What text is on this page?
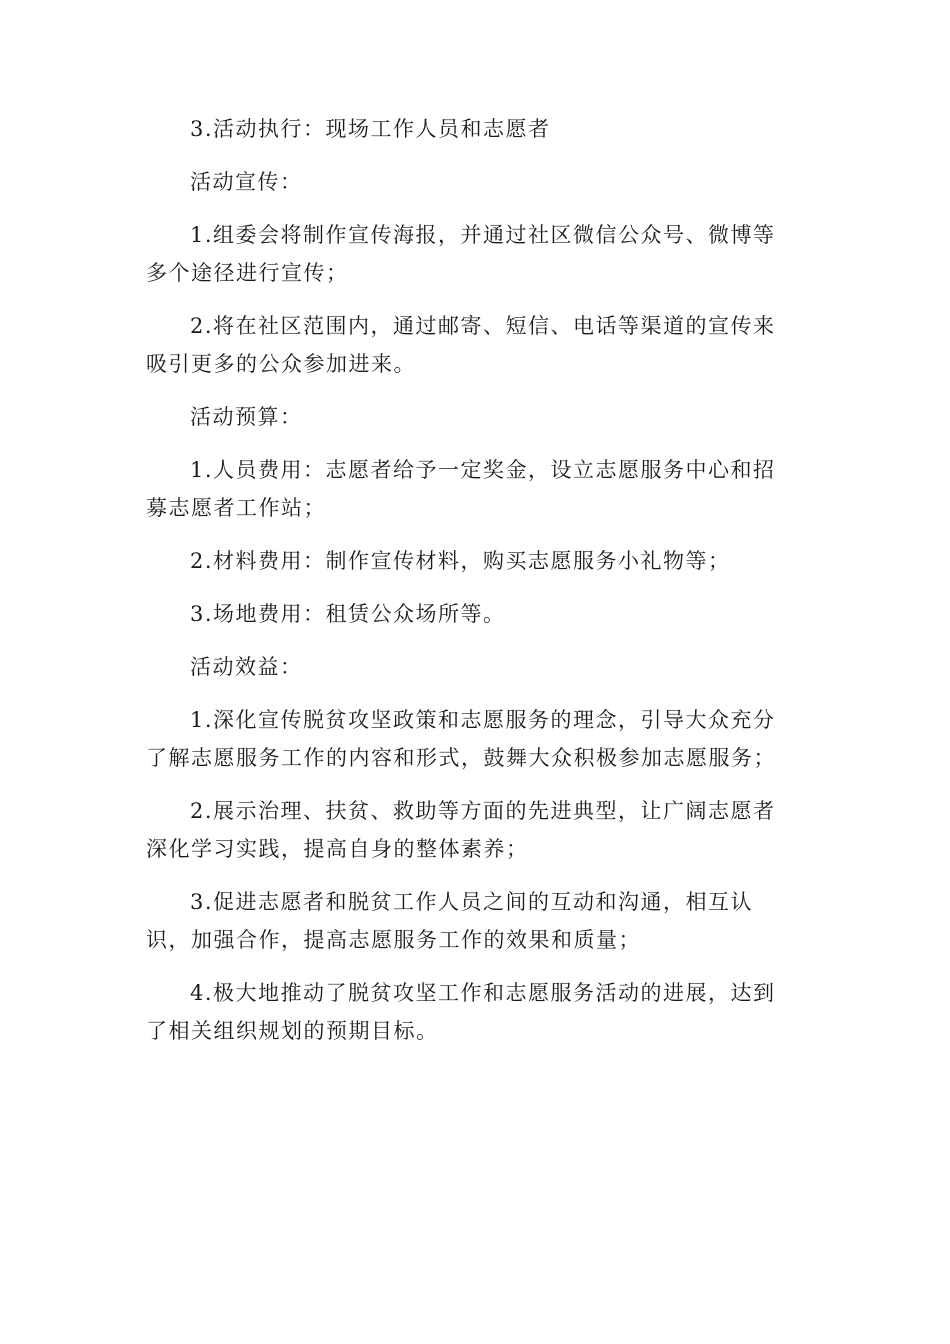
3.活动执行：现场工作人员和志愿者

活动宣传：

1.组委会将制作宣传海报，并通过社区微信公众号、微博等多个途径进行宣传；

2.将在社区范围内，通过邮寄、短信、电话等渠道的宣传来吸引更多的公众参加进来。

活动预算：

1.人员费用：志愿者给予一定奖金，设立志愿服务中心和招募志愿者工作站；

2.材料费用：制作宣传材料，购买志愿服务小礼物等；

3.场地费用：租赁公众场所等。

活动效益：

1.深化宣传脱贫攻坚政策和志愿服务的理念，引导大众充分了解志愿服务工作的内容和形式，鼓舞大众积极参加志愿服务；

2.展示治理、扶贫、救助等方面的先进典型，让广阔志愿者深化学习实践，提高自身的整体素养；

3.促进志愿者和脱贫工作人员之间的互动和沟通，相互认识，加强合作，提高志愿服务工作的效果和质量；

4.极大地推动了脱贫攻坚工作和志愿服务活动的进展，达到了相关组织规划的预期目标。
